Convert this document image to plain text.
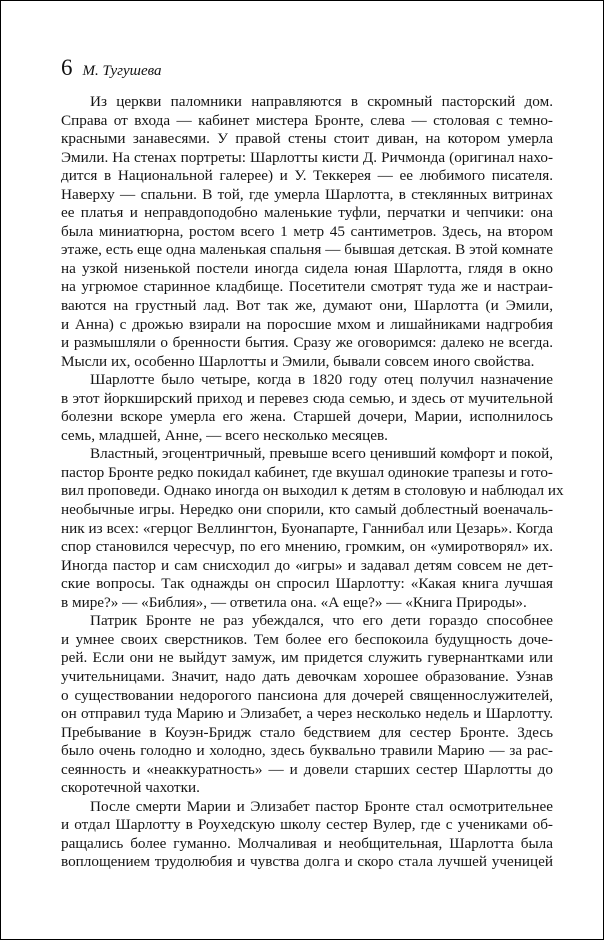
6 М. Тугушева
Из церкви паломники направляются в скромный пасторский дом.
Справа от входа — кабинет мистера Бронте, слева — столовая с темно-
красными занавесями. У правой стены стоит диван, на котором умерла
Эмили. На стенах портреты: Шарлотты кисти Д. Ричмонда (оригинал нахо-
дится в Национальной галерее) и У. Теккерея — ее любимого писателя.
Наверху — спальни. В той, где умерла Шарлотта, в стеклянных витринах
ее платья и неправдоподобно маленькие туфли, перчатки и чепчики: она
была миниатюрна, ростом всего 1 метр 45 сантиметров. Здесь, на втором
этаже, есть еще одна маленькая спальня — бывшая детская. В этой комнате
на узкой низенькой постели иногда сидела юная Шарлотта, глядя в окно
на угрюмое старинное кладбище. Посетители смотрят туда же и настраи-
ваются на грустный лад. Вот так же, думают они, Шарлотта (и Эмили,
и Анна) с дрожью взирали на поросшие мхом и лишайниками надгробия
и размышляли о бренности бытия. Сразу же оговоримся: далеко не всегда.
Мысли их, особенно Шарлотты и Эмили, бывали совсем иного свойства.
Шарлотте было четыре, когда в 1820 году отец получил назначение
в этот йоркширский приход и перевез сюда семью, и здесь от мучительной
болезни вскоре умерла его жена. Старшей дочери, Марии, исполнилось
семь, младшей, Анне, — всего несколько месяцев.
Властный, эгоцентричный, превыше всего ценивший комфорт и покой,
пастор Бронте редко покидал кабинет, где вкушал одинокие трапезы и гото-
вил проповеди. Однако иногда он выходил к детям в столовую и наблюдал их
необычные игры. Нередко они спорили, кто самый доблестный военачаль-
ник из всех: «герцог Веллингтон, Буонапарте, Ганнибал или Цезарь». Когда
спор становился чересчур, по его мнению, громким, он «умиротворял» их.
Иногда пастор и сам снисходил до «игры» и задавал детям совсем не дет-
ские вопросы. Так однажды он спросил Шарлотту: «Какая книга лучшая
в мире?» — «Библия», — ответила она. «А еще?» — «Книга Природы».
Патрик Бронте не раз убеждался, что его дети гораздо способнее
и умнее своих сверстников. Тем более его беспокоила будущность доче-
рей. Если они не выйдут замуж, им придется служить гувернантками или
учительницами. Значит, надо дать девочкам хорошее образование. Узнав
о существовании недорогого пансиона для дочерей священнослужителей,
он отправил туда Марию и Элизабет, а через несколько недель и Шарлотту.
Пребывание в Коуэн-Бридж стало бедствием для сестер Бронте. Здесь
было очень голодно и холодно, здесь буквально травили Марию — за рас-
сеянность и «неаккуратность» — и довели старших сестер Шарлотты до
скоротечной чахотки.
После смерти Марии и Элизабет пастор Бронте стал осмотрительнее
и отдал Шарлотту в Роухедскую школу сестер Вулер, где с учениками об-
ращались более гуманно. Молчаливая и необщительная, Шарлотта была
воплощением трудолюбия и чувства долга и скоро стала лучшей ученицей
